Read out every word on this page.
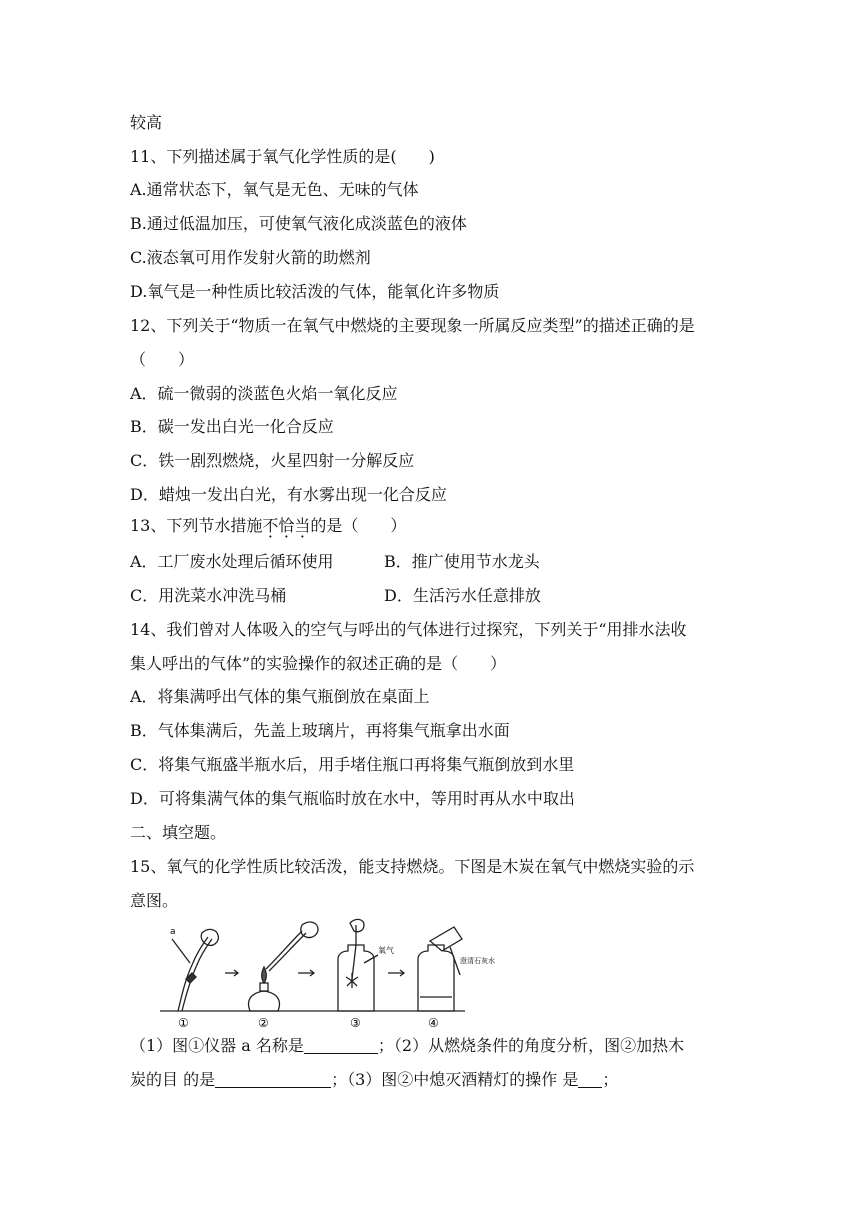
较高
11、下列描述属于氧气化学性质的是(　　)
A.通常状态下，氧气是无色、无味的气体
B.通过低温加压，可使氧气液化成淡蓝色的液体
C.液态氧可用作发射火箭的助燃剂
D.氧气是一种性质比较活泼的气体，能氧化许多物质
12、下列关于“物质一在氧气中燃烧的主要现象一所属反应类型”的描述正确的是
（　　）
A．硫一微弱的淡蓝色火焰一氧化反应
B．碳一发出白光一化合反应
C．铁一剧烈燃烧，火星四射一分解反应
D．蜡烛一发出白光，有水雾出现一化合反应
13、下列节水措施不恰当的是（　　）
A．工厂废水处理后循环使用	B．推广使用节水龙头
C．用洗菜水冲洗马桶	D．生活污水任意排放
14、我们曾对人体吸入的空气与呼出的气体进行过探究，下列关于“用排水法收
集人呼出的气体”的实验操作的叙述正确的是（　　）
A．将集满呼出气体的集气瓶倒放在桌面上
B．气体集满后，先盖上玻璃片，再将集气瓶拿出水面
C．将集气瓶盛半瓶水后，用手堵住瓶口再将集气瓶倒放到水里
D．可将集满气体的集气瓶临时放在水中，等用时再从水中取出
二、填空题。
15、氧气的化学性质比较活泼，能支持燃烧。下图是木炭在氧气中燃烧实验的示
意图。
a
氧气
澄清石灰水
①	②	③	④
（1）图①仪器 a 名称是	；（2）从燃烧条件的角度分析，图②加热木
炭的目 的是	；（3）图②中熄灭酒精灯的操作 是 ；
